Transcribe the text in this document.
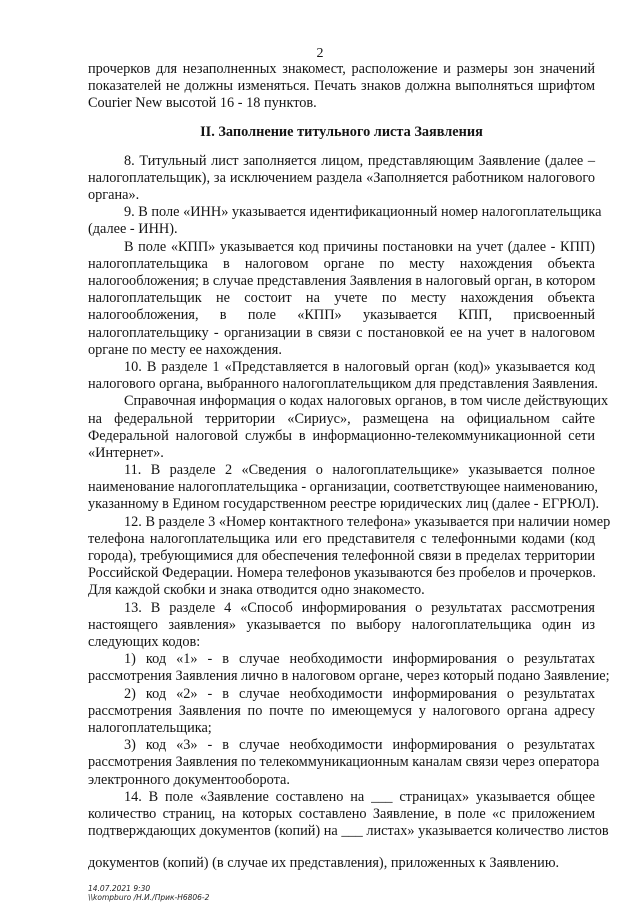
2
прочерков для незаполненных знакомест, расположение и размеры зон значений
показателей не должны изменяться. Печать знаков должна выполняться шрифтом
Courier New высотой 16 - 18 пунктов.
II. Заполнение титульного листа Заявления
8. Титульный лист заполняется лицом, представляющим Заявление (далее –
налогоплательщик), за исключением раздела «Заполняется работником налогового
органа».
9. В поле «ИНН» указывается идентификационный номер налогоплательщика
(далее - ИНН).
В поле «КПП» указывается код причины постановки на учет (далее - КПП)
налогоплательщика в налоговом органе по месту нахождения объекта
налогообложения; в случае представления Заявления в налоговый орган, в котором
налогоплательщик не состоит на учете по месту нахождения объекта
налогообложения, в поле «КПП» указывается КПП, присвоенный
налогоплательщику - организации в связи с постановкой ее на учет в налоговом
органе по месту ее нахождения.
10. В разделе 1 «Представляется в налоговый орган (код)» указывается код
налогового органа, выбранного налогоплательщиком для представления Заявления.
Справочная информация о кодах налоговых органов, в том числе действующих
на федеральной территории «Сириус», размещена на официальном сайте
Федеральной налоговой службы в информационно-телекоммуникационной сети
«Интернет».
11. В разделе 2 «Сведения о налогоплательщике» указывается полное
наименование налогоплательщика - организации, соответствующее наименованию,
указанному в Едином государственном реестре юридических лиц (далее - ЕГРЮЛ).
12. В разделе 3 «Номер контактного телефона» указывается при наличии номер
телефона налогоплательщика или его представителя с телефонными кодами (код
города), требующимися для обеспечения телефонной связи в пределах территории
Российской Федерации. Номера телефонов указываются без пробелов и прочерков.
Для каждой скобки и знака отводится одно знакоместо.
13. В разделе 4 «Способ информирования о результатах рассмотрения
настоящего заявления» указывается по выбору налогоплательщика один из
следующих кодов:
1) код «1» - в случае необходимости информирования о результатах
рассмотрения Заявления лично в налоговом органе, через который подано Заявление;
2) код «2» - в случае необходимости информирования о результатах
рассмотрения Заявления по почте по имеющемуся у налогового органа адресу
налогоплательщика;
3) код «3» - в случае необходимости информирования о результатах
рассмотрения Заявления по телекоммуникационным каналам связи через оператора
электронного документооборота.
14. В поле «Заявление составлено на ___ страницах» указывается общее
количество страниц, на которых составлено Заявление, в поле «с приложением
подтверждающих документов (копий) на ___ листах» указывается количество листов
документов (копий) (в случае их представления), приложенных к Заявлению.
14.07.2021 9:30
\\kompburo /Н.И./Прик-Н6806-2
